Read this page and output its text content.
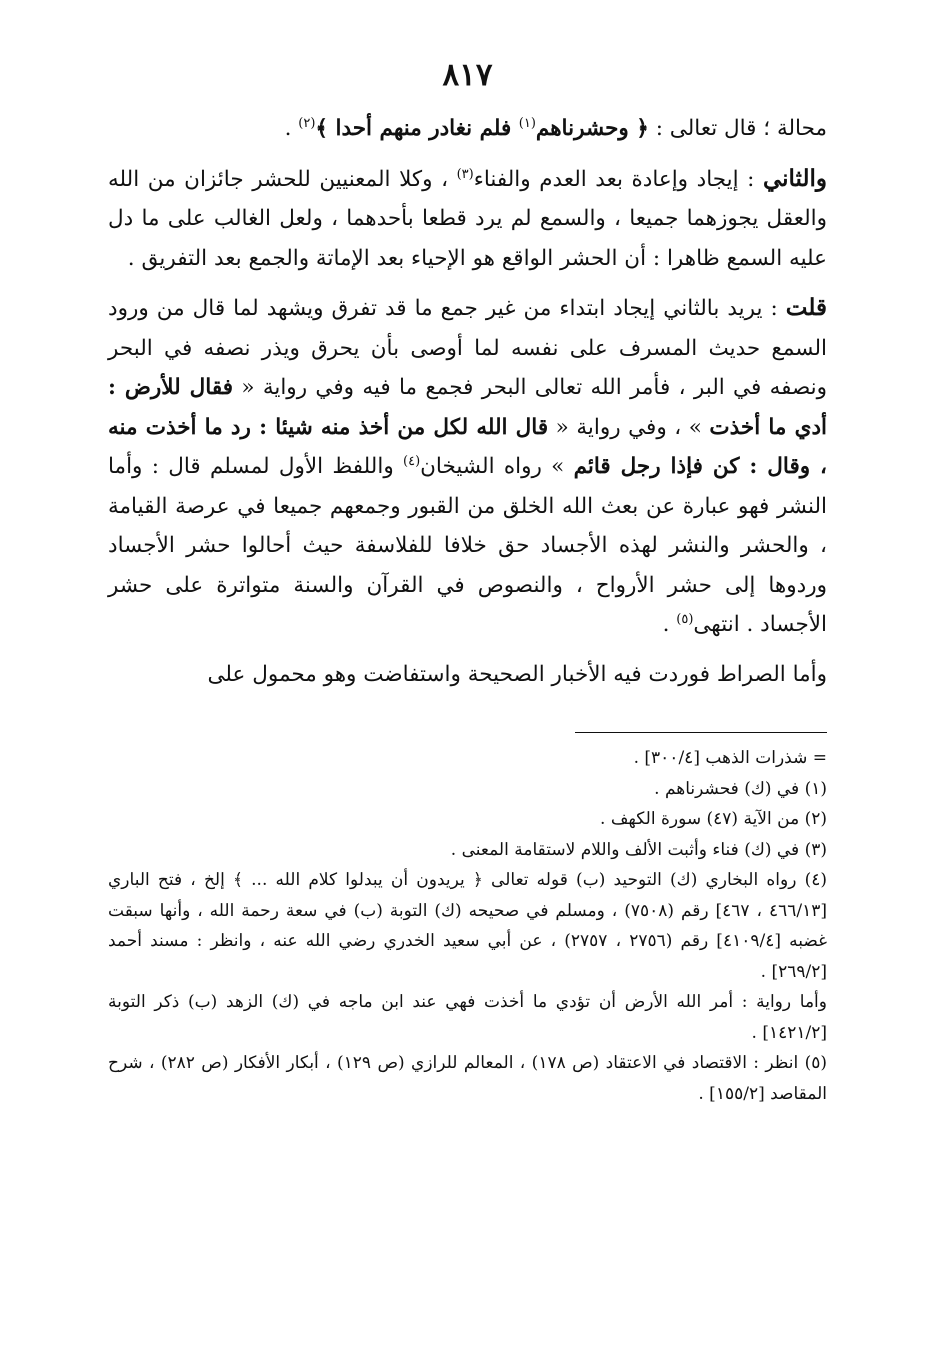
٨١٧

محالة ؛ قال تعالى : ﴿ وحشرناهم$^{(١)}$ فلم نغادر منهم أحدا ﴾$^{(٢)}$ .

والثاني : إيجاد وإعادة بعد العدم والفناء$^{(٣)}$ ، وكلا المعنيين للحشر جائزان من الله والعقل يجوزهما جميعا ، والسمع لم يرد قطعا بأحدهما ، ولعل الغالب على ما دل عليه السمع ظاهرا : أن الحشر الواقع هو الإحياء بعد الإماتة والجمع بعد التفريق .

قلت : يريد بالثاني إيجاد ابتداء من غير جمع ما قد تفرق ويشهد لما قال من ورود السمع حديث المسرف على نفسه لما أوصى بأن يحرق ويذر نصفه في البحر ونصفه في البر ، فأمر الله تعالى البحر فجمع ما فيه وفي رواية « فقال للأرض : أدي ما أخذت » ، وفي رواية « قال الله لكل من أخذ منه شيئا : رد ما أخذت منه ، وقال : كن فإذا رجل قائم » رواه الشيخان$^{(٤)}$ واللفظ الأول لمسلم قال : وأما النشر فهو عبارة عن بعث الله الخلق من القبور وجمعهم جميعا في عرصة القيامة ، والحشر والنشر لهذه الأجساد حق خلافا للفلاسفة حيث أحالوا حشر الأجساد وردوها إلى حشر الأرواح ، والنصوص في القرآن والسنة متواترة على حشر الأجساد . انتهى$^{(٥)}$ .

وأما الصراط فوردت فيه الأخبار الصحيحة واستفاضت وهو محمول على

= شذرات الذهب [٣٠٠/٤] .

(١) في (ك) فحشرناهم .

(٢) من الآية (٤٧) سورة الكهف .

(٣) في (ك) فناء وأثبت الألف واللام لاستقامة المعنى .

(٤) رواه البخاري (ك) التوحيد (ب) قوله تعالى ﴿ يريدون أن يبدلوا كلام الله ... ﴾ إلخ ، فتح الباري [٤٦٦/١٣ ، ٤٦٧] رقم (٧٥٠٨) ، ومسلم في صحيحه (ك) التوبة (ب) في سعة رحمة الله ، وأنها سبقت غضبه [٤١٠٩/٤] رقم (٢٧٥٦ ، ٢٧٥٧) ، عن أبي سعيد الخدري رضي الله عنه ، وانظر : مسند أحمد [٢٦٩/٢] .

وأما رواية : أمر الله الأرض أن تؤدي ما أخذت فهي عند ابن ماجه في (ك) الزهد (ب) ذكر التوبة [١٤٢١/٢] .

(٥) انظر : الاقتصاد في الاعتقاد (ص ١٧٨) ، المعالم للرازي (ص ١٢٩) ، أبكار الأفكار (ص ٢٨٢) ، شرح المقاصد [١٥٥/٢] .
